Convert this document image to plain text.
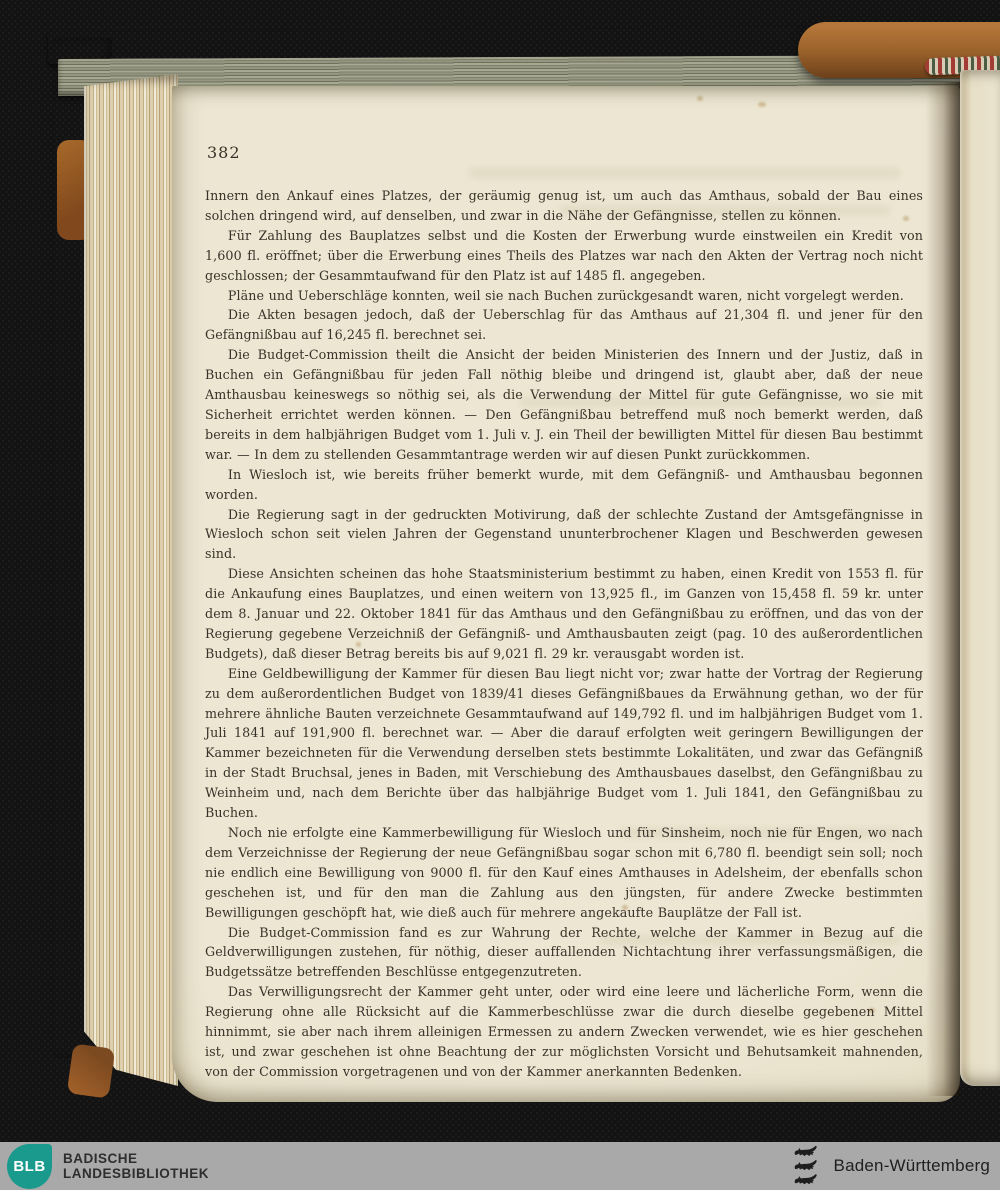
382

Innern den Ankauf eines Platzes, der geräumig genug ist, um auch das Amthaus, sobald der Bau eines solchen dringend wird, auf denselben, und zwar in die Nähe der Gefängnisse, stellen zu können.

Für Zahlung des Bauplatzes selbst und die Kosten der Erwerbung wurde einstweilen ein Kredit von 1,600 fl. eröffnet; über die Erwerbung eines Theils des Platzes war nach den Akten der Vertrag noch nicht geschlossen; der Gesammtaufwand für den Platz ist auf 1485 fl. angegeben.

Pläne und Ueberschläge konnten, weil sie nach Buchen zurückgesandt waren, nicht vorgelegt werden.

Die Akten besagen jedoch, daß der Ueberschlag für das Amthaus auf 21,304 fl. und jener für den Gefängnißbau auf 16,245 fl. berechnet sei.

Die Budget-Commission theilt die Ansicht der beiden Ministerien des Innern und der Justiz, daß in Buchen ein Gefängnißbau für jeden Fall nöthig bleibe und dringend ist, glaubt aber, daß der neue Amthausbau keineswegs so nöthig sei, als die Verwendung der Mittel für gute Gefängnisse, wo sie mit Sicherheit errichtet werden können. — Den Gefängnißbau betreffend muß noch bemerkt werden, daß bereits in dem halbjährigen Budget vom 1. Juli v. J. ein Theil der bewilligten Mittel für diesen Bau bestimmt war. — In dem zu stellenden Gesammtantrage werden wir auf diesen Punkt zurückkommen.

In Wiesloch ist, wie bereits früher bemerkt wurde, mit dem Gefängniß- und Amthausbau begonnen worden.

Die Regierung sagt in der gedruckten Motivirung, daß der schlechte Zustand der Amtsgefängnisse in Wiesloch schon seit vielen Jahren der Gegenstand ununterbrochener Klagen und Beschwerden gewesen sind.

Diese Ansichten scheinen das hohe Staatsministerium bestimmt zu haben, einen Kredit von 1553 fl. für die Ankaufung eines Bauplatzes, und einen weitern von 13,925 fl., im Ganzen von 15,458 fl. 59 kr. unter dem 8. Januar und 22. Oktober 1841 für das Amthaus und den Gefängnißbau zu eröffnen, und das von der Regierung gegebene Verzeichniß der Gefängniß- und Amthausbauten zeigt (pag. 10 des außerordentlichen Budgets), daß dieser Betrag bereits bis auf 9,021 fl. 29 kr. verausgabt worden ist.

Eine Geldbewilligung der Kammer für diesen Bau liegt nicht vor; zwar hatte der Vortrag der Regierung zu dem außerordentlichen Budget von 1839/41 dieses Gefängnißbaues da Erwähnung gethan, wo der für mehrere ähnliche Bauten verzeichnete Gesammtaufwand auf 149,792 fl. und im halbjährigen Budget vom 1. Juli 1841 auf 191,900 fl. berechnet war. — Aber die darauf erfolgten weit geringern Bewilligungen der Kammer bezeichneten für die Verwendung derselben stets bestimmte Lokalitäten, und zwar das Gefängniß in der Stadt Bruchsal, jenes in Baden, mit Verschiebung des Amthausbaues daselbst, den Gefängnißbau zu Weinheim und, nach dem Berichte über das halbjährige Budget vom 1. Juli 1841, den Gefängnißbau zu Buchen.

Noch nie erfolgte eine Kammerbewilligung für Wiesloch und für Sinsheim, noch nie für Engen, wo nach dem Verzeichnisse der Regierung der neue Gefängnißbau sogar schon mit 6,780 fl. beendigt sein soll; noch nie endlich eine Bewilligung von 9000 fl. für den Kauf eines Amthauses in Adelsheim, der ebenfalls schon geschehen ist, und für den man die Zahlung aus den jüngsten, für andere Zwecke bestimmten Bewilligungen geschöpft hat, wie dieß auch für mehrere angekaufte Bauplätze der Fall ist.

Die Budget-Commission fand es zur Wahrung der Rechte, welche der Kammer in Bezug auf die Geldverwilligungen zustehen, für nöthig, dieser auffallenden Nichtachtung ihrer verfassungsmäßigen, die Budgetssätze betreffenden Beschlüsse entgegenzutreten.

Das Verwilligungsrecht der Kammer geht unter, oder wird eine leere und lächerliche Form, wenn die Regierung ohne alle Rücksicht auf die Kammerbeschlüsse zwar die durch dieselbe gegebenen Mittel hinnimmt, sie aber nach ihrem alleinigen Ermessen zu andern Zwecken verwendet, wie es hier geschehen ist, und zwar geschehen ist ohne Beachtung der zur möglichsten Vorsicht und Behutsamkeit mahnenden, von der Commission vorgetragenen und von der Kammer anerkannten Bedenken.

BLB BADISCHE
LANDESBIBLIOTHEK	Baden-Württemberg
